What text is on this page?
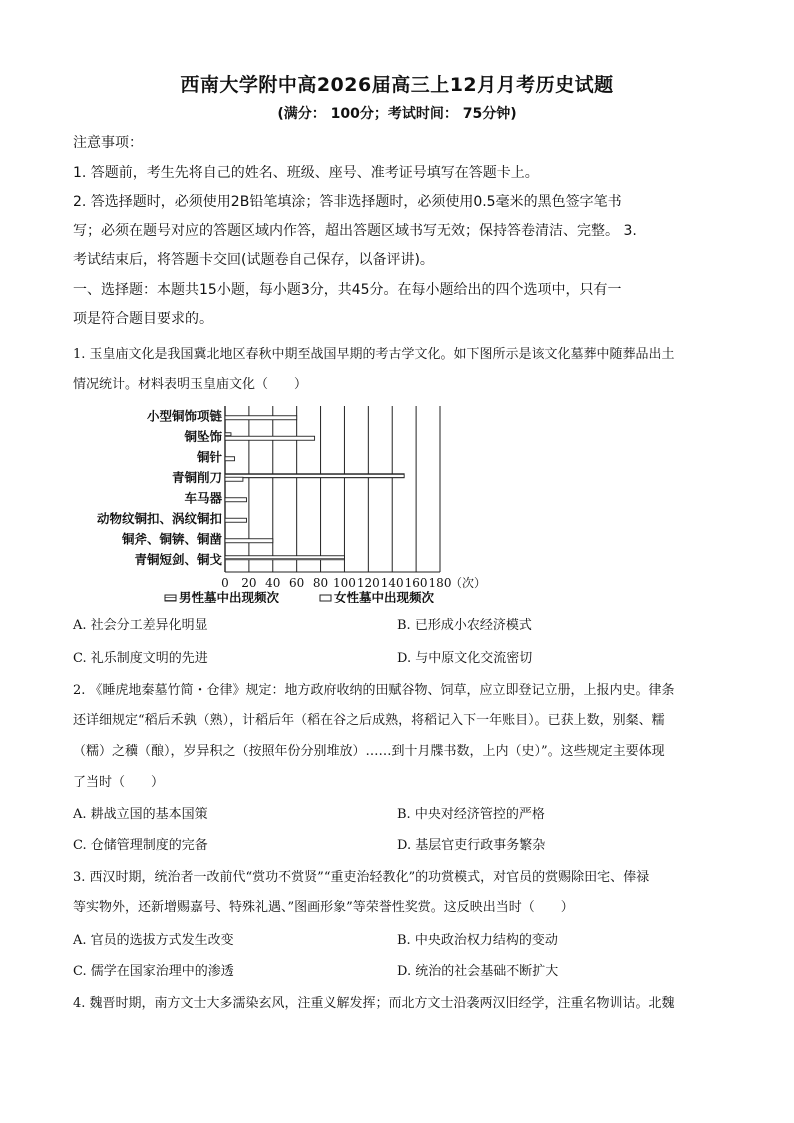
西南大学附中高2026届高三上12月月考历史试题
(满分： 100分；考试时间： 75分钟)
注意事项：
1. 答题前，考生先将自己的姓名、班级、座号、准考证号填写在答题卡上。
2. 答选择题时，必须使用2B铅笔填涂；答非选择题时，必须使用0.5毫米的黑色签字笔书
写；必须在题号对应的答题区域内作答，超出答题区域书写无效；保持答卷清洁、完整。 3.
考试结束后，将答题卡交回(试题卷自己保存，以备评讲)。
一、选择题：本题共15小题，每小题3分，共45分。在每小题给出的四个选项中，只有一
项是符合题目要求的。
1. 玉皇庙文化是我国冀北地区春秋中期至战国早期的考古学文化。如下图所示是该文化墓葬中随葬品出土
情况统计。材料表明玉皇庙文化（　　）
小型铜饰项链
铜坠饰
铜针
青铜削刀
车马器
动物纹铜扣、涡纹铜扣
铜斧、铜锛、铜凿
青铜短剑、铜戈
0 20 40 60 80 100 120 140 160 180
（次）
男性墓中出现频次	女性墓中出现频次
A. 社会分工差异化明显	B. 已形成小农经济模式
C. 礼乐制度文明的先进	D. 与中原文化交流密切
2. 《睡虎地秦墓竹简・仓律》规定：地方政府收纳的田赋谷物、饲草，应立即登记立册，上报内史。律条
还详细规定“稻后禾孰（熟），计稻后年（稻在谷之后成熟，将稻记入下一年账目）。已获上数，别粲、糯
（糯）之䆊（酿），岁异积之（按照年份分别堆放）……到十月牒书数，上内（史）”。这些规定主要体现
了当时（　　）
A. 耕战立国的基本国策	B. 中央对经济管控的严格
C. 仓储管理制度的完备	D. 基层官吏行政事务繁杂
3. 西汉时期，统治者一改前代“赏功不赏贤”“重吏治轻教化”的功赏模式，对官员的赏赐除田宅、俸禄
等实物外，还新增赐嘉号、特殊礼遇、”图画形象”等荣誉性奖赏。这反映出当时（　　）
A. 官员的选拔方式发生改变	B. 中央政治权力结构的变动
C. 儒学在国家治理中的渗透	D. 统治的社会基础不断扩大
4. 魏晋时期，南方文士大多濡染玄风，注重义解发挥；而北方文士沿袭两汉旧经学，注重名物训诂。北魏
